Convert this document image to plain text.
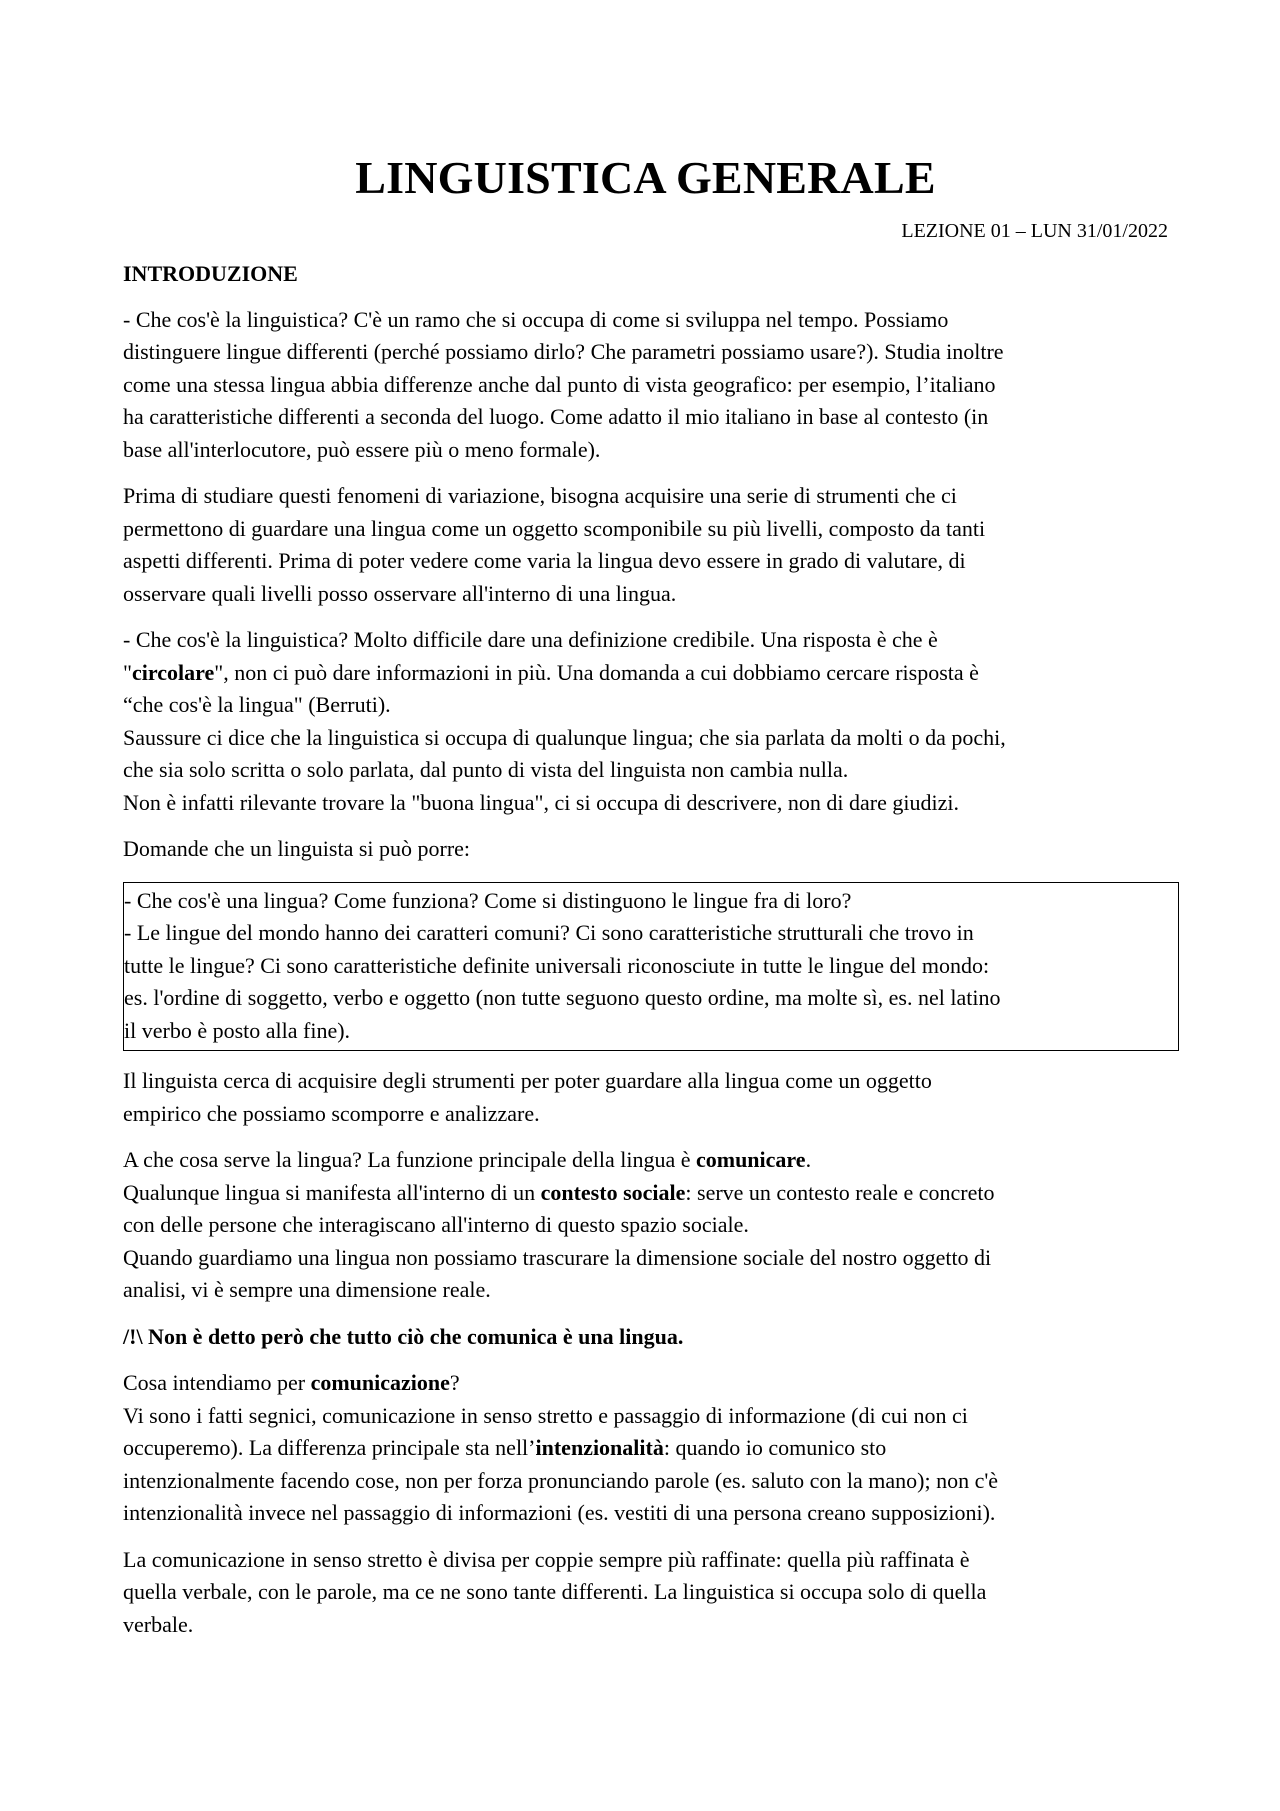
LINGUISTICA GENERALE
LEZIONE 01 – LUN 31/01/2022
INTRODUZIONE

- Che cos'è la linguistica? C'è un ramo che si occupa di come si sviluppa nel tempo. Possiamo
distinguere lingue differenti (perché possiamo dirlo? Che parametri possiamo usare?). Studia inoltre
come una stessa lingua abbia differenze anche dal punto di vista geografico: per esempio, l’italiano
ha caratteristiche differenti a seconda del luogo. Come adatto il mio italiano in base al contesto (in
base all'interlocutore, può essere più o meno formale).

Prima di studiare questi fenomeni di variazione, bisogna acquisire una serie di strumenti che ci
permettono di guardare una lingua come un oggetto scomponibile su più livelli, composto da tanti
aspetti differenti. Prima di poter vedere come varia la lingua devo essere in grado di valutare, di
osservare quali livelli posso osservare all'interno di una lingua.

- Che cos'è la linguistica? Molto difficile dare una definizione credibile. Una risposta è che è
"circolare", non ci può dare informazioni in più. Una domanda a cui dobbiamo cercare risposta è
“che cos'è la lingua" (Berruti).
Saussure ci dice che la linguistica si occupa di qualunque lingua; che sia parlata da molti o da pochi,
che sia solo scritta o solo parlata, dal punto di vista del linguista non cambia nulla.
Non è infatti rilevante trovare la "buona lingua", ci si occupa di descrivere, non di dare giudizi.

Domande che un linguista si può porre:

- Che cos'è una lingua? Come funziona? Come si distinguono le lingue fra di loro?
- Le lingue del mondo hanno dei caratteri comuni? Ci sono caratteristiche strutturali che trovo in
tutte le lingue? Ci sono caratteristiche definite universali riconosciute in tutte le lingue del mondo:
es. l'ordine di soggetto, verbo e oggetto (non tutte seguono questo ordine, ma molte sì, es. nel latino
il verbo è posto alla fine).

Il linguista cerca di acquisire degli strumenti per poter guardare alla lingua come un oggetto
empirico che possiamo scomporre e analizzare.

A che cosa serve la lingua? La funzione principale della lingua è comunicare.
Qualunque lingua si manifesta all'interno di un contesto sociale: serve un contesto reale e concreto
con delle persone che interagiscano all'interno di questo spazio sociale.
Quando guardiamo una lingua non possiamo trascurare la dimensione sociale del nostro oggetto di
analisi, vi è sempre una dimensione reale.

/!\ Non è detto però che tutto ciò che comunica è una lingua.

Cosa intendiamo per comunicazione?
Vi sono i fatti segnici, comunicazione in senso stretto e passaggio di informazione (di cui non ci
occuperemo). La differenza principale sta nell’intenzionalità: quando io comunico sto
intenzionalmente facendo cose, non per forza pronunciando parole (es. saluto con la mano); non c'è
intenzionalità invece nel passaggio di informazioni (es. vestiti di una persona creano supposizioni).

La comunicazione in senso stretto è divisa per coppie sempre più raffinate: quella più raffinata è
quella verbale, con le parole, ma ce ne sono tante differenti. La linguistica si occupa solo di quella
verbale.
